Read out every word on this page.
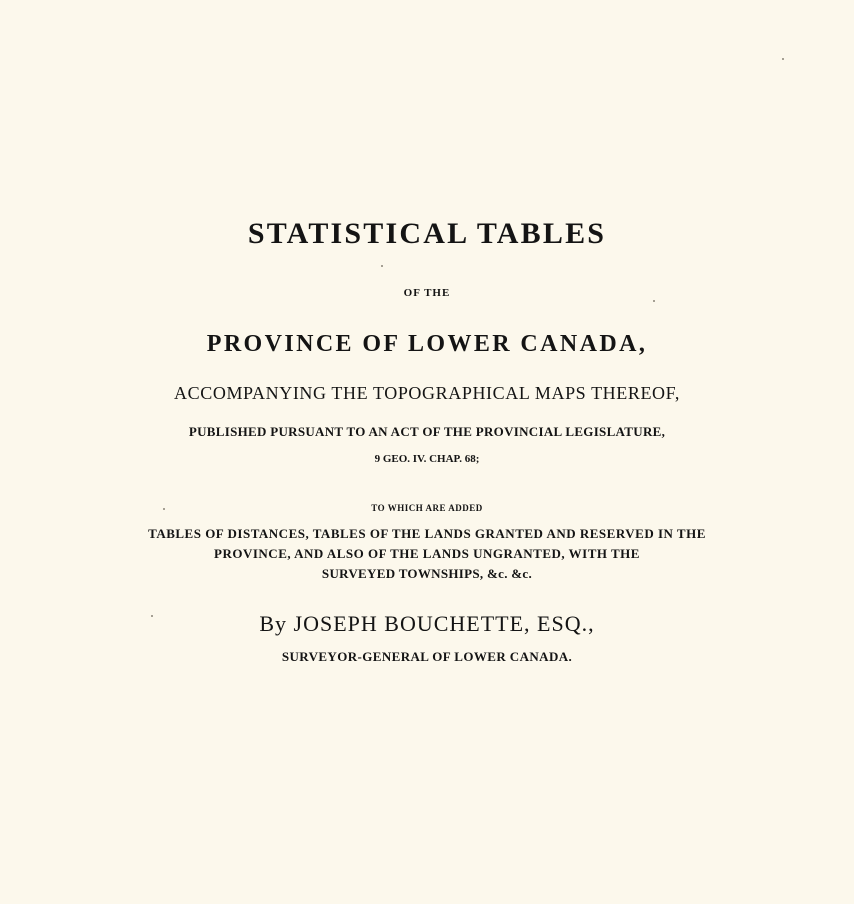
STATISTICAL TABLES
OF THE
PROVINCE OF LOWER CANADA,
ACCOMPANYING THE TOPOGRAPHICAL MAPS THEREOF,
PUBLISHED PURSUANT TO AN ACT OF THE PROVINCIAL LEGISLATURE,
9 GEO. IV. CHAP. 68;
TO WHICH ARE ADDED
TABLES OF DISTANCES, TABLES OF THE LANDS GRANTED AND RESERVED IN THE
PROVINCE, AND ALSO OF THE LANDS UNGRANTED, WITH THE
SURVEYED TOWNSHIPS, &c. &c.
By JOSEPH BOUCHETTE, ESQ.,
SURVEYOR-GENERAL OF LOWER CANADA.
